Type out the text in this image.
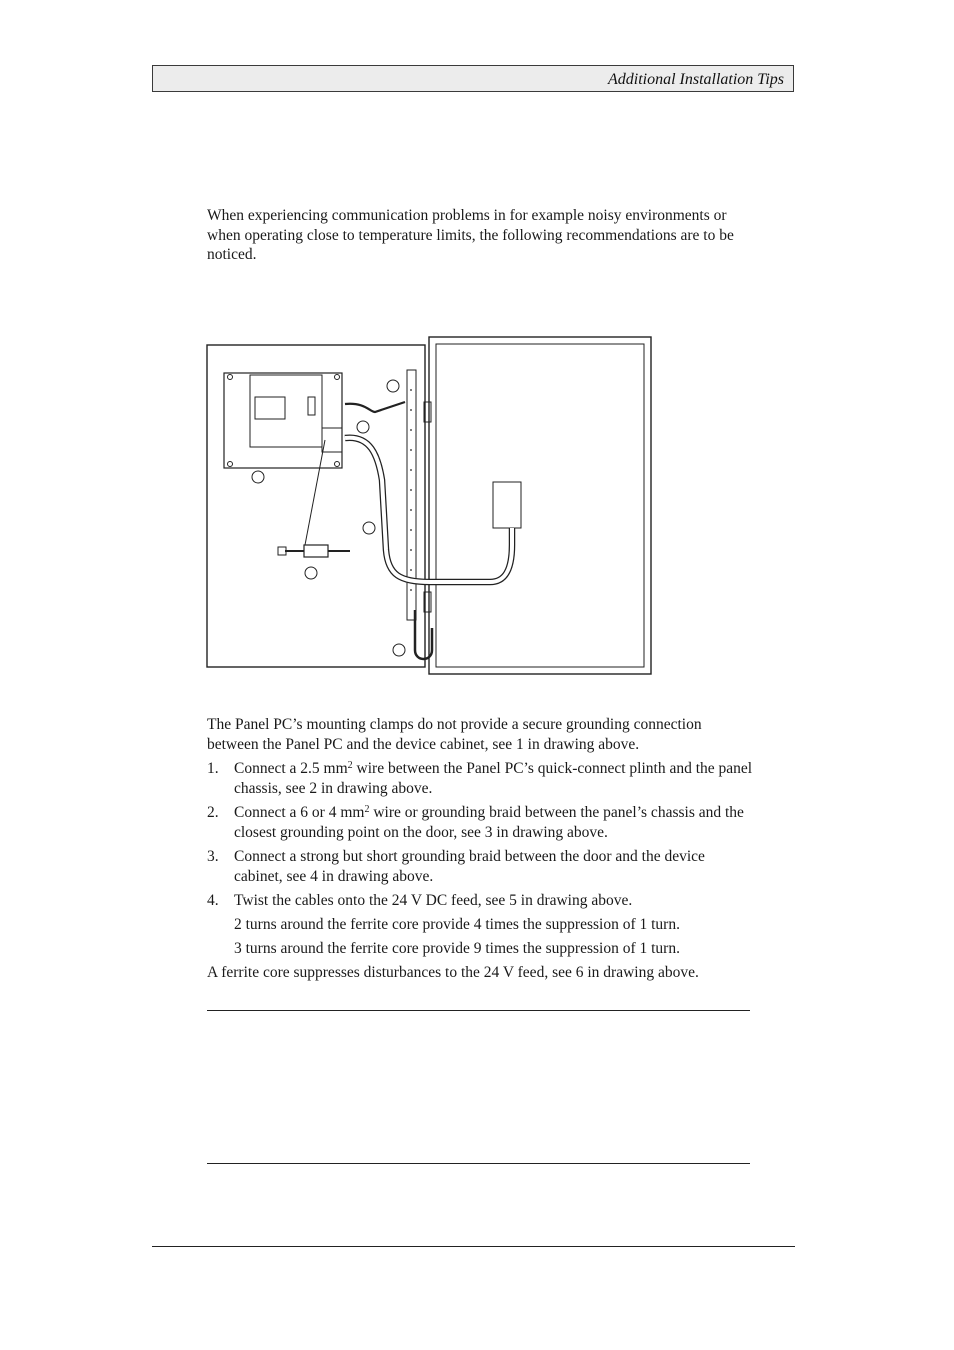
Additional Installation Tips
When experiencing communication problems in for example noisy environments or when operating close to temperature limits, the following recommendations are to be noticed.
The Panel PC’s mounting clamps do not provide a secure grounding connection between the Panel PC and the device cabinet, see 1 in drawing above.
1. Connect a 2.5 $mm^2$ wire between the Panel PC’s quick-connect plinth and the panel chassis, see 2 in drawing above.
2. Connect a 6 or 4 $mm^2$ wire or grounding braid between the panel’s chassis and the closest grounding point on the door, see 3 in drawing above.
3. Connect a strong but short grounding braid between the door and the device cabinet, see 4 in drawing above.
4. Twist the cables onto the 24 V DC feed, see 5 in drawing above.
2 turns around the ferrite core provide 4 times the suppression of 1 turn.
3 turns around the ferrite core provide 9 times the suppression of 1 turn.
A ferrite core suppresses disturbances to the 24 V feed, see 6 in drawing above.
